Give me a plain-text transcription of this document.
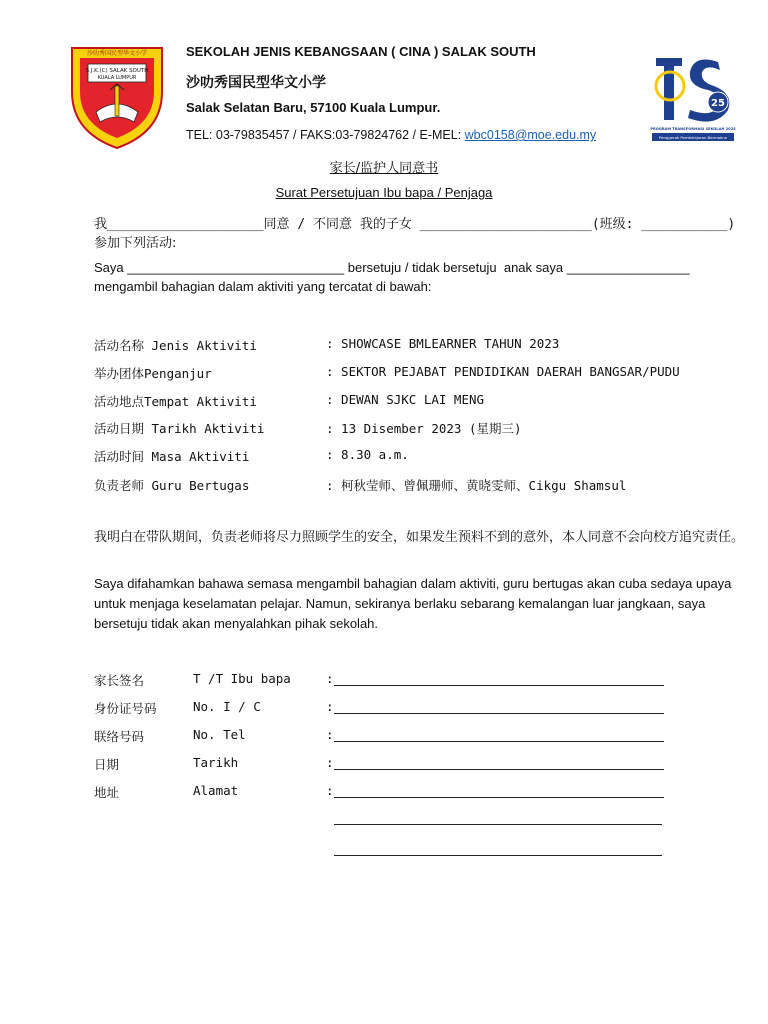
S.J.K.(C) SALAK SOUTH
KUALA LUMPUR
沙叻秀国民型华文小学	SEKOLAH JENIS KEBANGSAAN ( CINA ) SALAK SOUTH
沙叻秀国民型华文小学
Salak Selatan Baru, 57100 Kuala Lumpur.
TEL: 03-79835457 / FAKS:03-79824762 / E-MEL: wbc0158@moe.edu.my
25
PROGRAM TRANSFORMASI SEKOLAH 2025
Penggerak Pembelajaran Bermakna
家长/监护人同意书
Surat Persetujuan Ibu bapa / Penjaga
我____________________同意 / 不同意 我的子女 ______________________(班级: ___________)
参加下列活动:
Saya ______________________________ bersetuju / tidak bersetuju  anak saya _________________
mengambil bahagian dalam aktiviti yang tercatat di bawah:
活动名称 Jenis Aktiviti	: SHOWCASE BMLEARNER TAHUN 2023
举办团体Penganjur	: SEKTOR PEJABAT PENDIDIKAN DAERAH BANGSAR/PUDU
活动地点Tempat Aktiviti	: DEWAN SJKC LAI MENG
活动日期 Tarikh Aktiviti	: 13 Disember 2023 (星期三)
活动时间 Masa Aktiviti	: 8.30 a.m.
负责老师 Guru Bertugas	: 柯秋莹师、曾佩珊师、黄晓雯师、Cikgu Shamsul
我明白在带队期间，负责老师将尽力照顾学生的安全，如果发生预料不到的意外，本人同意不会向校方追究责任。
Saya difahamkan bahawa semasa mengambil bahagian dalam aktiviti, guru bertugas akan cuba sedaya upaya untuk menjaga keselamatan pelajar. Namun, sekiranya berlaku sebarang kemalangan luar jangkaan, saya bersetuju tidak akan menyalahkan pihak sekolah.
家长签名	T /T Ibu bapa	:
身份证号码	No. I / C	:
联络号码	No. Tel	:
日期	Tarikh	:
地址	Alamat	:
